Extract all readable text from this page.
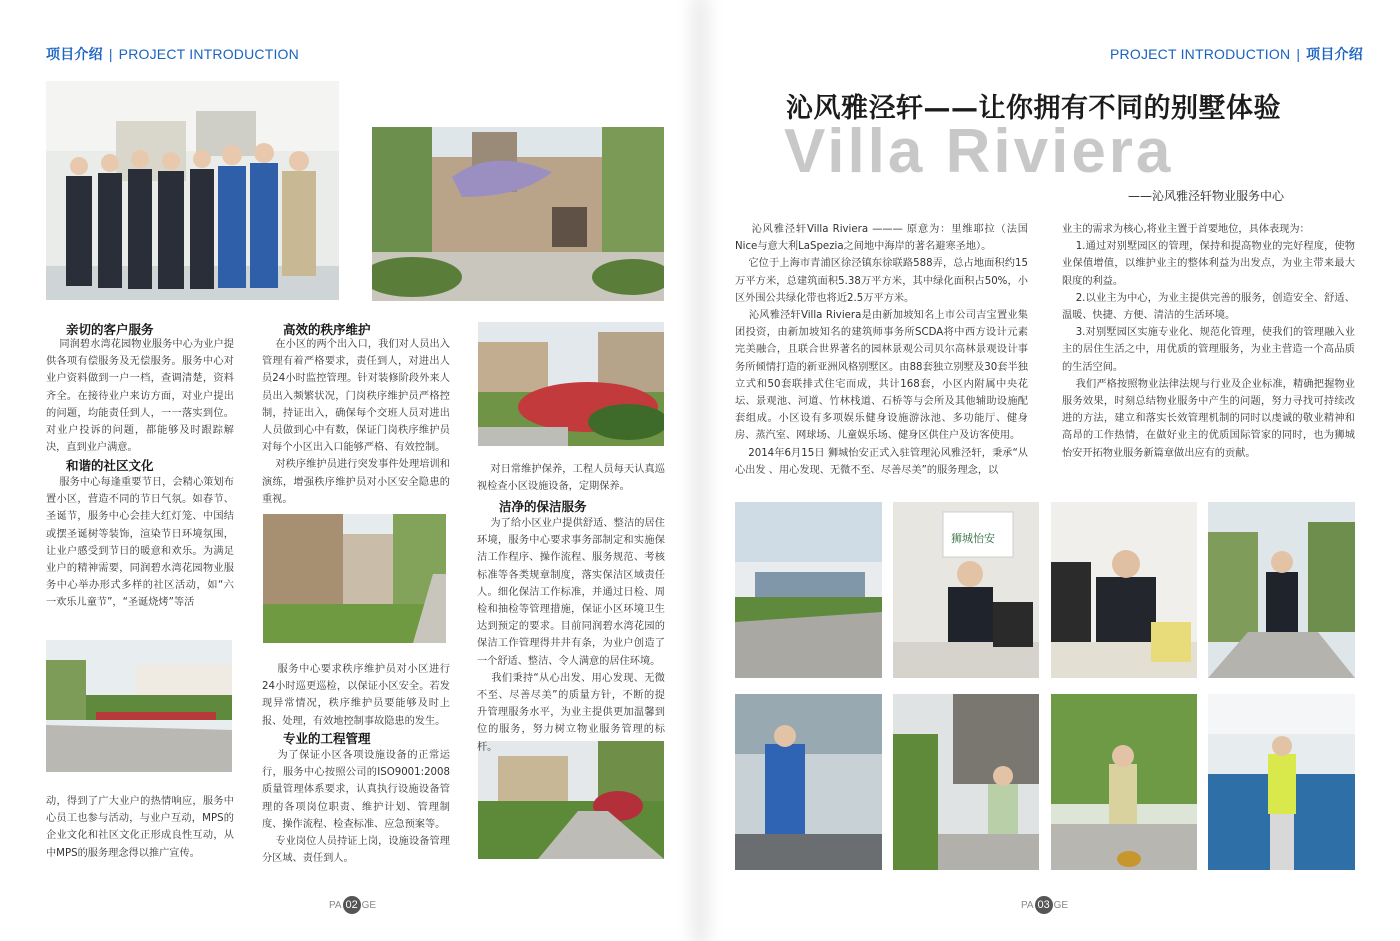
项目介绍 | PROJECT INTRODUCTION	PROJECT INTRODUCTION | 项目介绍
亲切的客户服务
同润碧水湾花园物业服务中心为业户提供各项有偿服务及无偿服务。服务中心对业户资料做到一户一档，查调清楚，资料齐全。在接待业户来访方面，对业户提出的问题，均能责任到人，一一落实到位。对业户投诉的问题，都能够及时跟踪解决，直到业户满意。
和谐的社区文化
服务中心每逢重要节日，会精心策划布置小区，营造不同的节日气氛。如春节、圣诞节，服务中心会挂大红灯笼、中国结或摆圣诞树等装饰，渲染节日环境氛围，让业户感受到节日的暖意和欢乐。为满足业户的精神需要，同润碧水湾花园物业服务中心举办形式多样的社区活动，如“六一欢乐儿童节”，“圣诞烧烤”等活
动，得到了广大业户的热情响应，服务中心员工也参与活动，与业户互动，MPS的企业文化和社区文化正形成良性互动，从中MPS的服务理念得以推广宣传。
高效的秩序维护
在小区的两个出入口，我们对人员出入管理有着严格要求，责任到人，对进出人员24小时监控管理。针对装修阶段外来人员出入频繁状况，门岗秩序维护员严格控制，持证出入，确保每个交班人员对进出人员做到心中有数，保证门岗秩序维护员对每个小区出入口能够严格、有效控制。
对秩序维护员进行突发事件处理培训和演练，增强秩序维护员对小区安全隐患的重视。
服务中心要求秩序维护员对小区进行24小时巡更巡检，以保证小区安全。若发现异常情况，秩序维护员要能够及时上报、处理，有效地控制事故隐患的发生。
专业的工程管理
为了保证小区各项设施设备的正常运行，服务中心按照公司的ISO9001:2008质量管理体系要求，认真执行设施设备管理的各项岗位职责、维护计划、管理制度、操作流程、检查标准、应急预案等。
专业岗位人员持证上岗，设施设备管理分区域、责任到人。
对日常维护保养，工程人员每天认真巡视检查小区设施设备，定期保养。
洁净的保洁服务
为了给小区业户提供舒适、整洁的居住环境，服务中心要求事务部制定和实施保洁工作程序、操作流程、服务规范、考核标准等各类规章制度，落实保洁区域责任人。细化保洁工作标准，并通过日检、周检和抽检等管理措施，保证小区环境卫生达到预定的要求。目前同润碧水湾花园的保洁工作管理得井井有条，为业户创造了一个舒适、整洁、令人满意的居住环境。
我们秉持“从心出发、用心发现、无微不至、尽善尽美”的质量方针，不断的提升管理服务水平，为业主提供更加温馨到位的服务，努力树立物业服务管理的标杆。
PA 02 GE
沁风雅泾轩——让你拥有不同的别墅体验
Villa Riviera
——沁风雅泾轩物业服务中心
沁风雅泾轩Villa Riviera ——— 原意为：里维耶拉（法国Nice与意大利LaSpezia之间地中海岸的著名避寒圣地）。
它位于上海市青浦区徐泾镇东徐联路588弄，总占地面积约15万平方米，总建筑面积5.38万平方米，其中绿化面积占50%，小区外围公共绿化带也将近2.5万平方米。
沁风雅泾轩Villa Riviera是由新加坡知名上市公司吉宝置业集团投资，由新加坡知名的建筑师事务所SCDA将中西方设计元素完美融合，且联合世界著名的园林景观公司贝尔高林景观设计事务所倾情打造的新亚洲风格别墅区。由88套独立别墅及30套半独立式和50套联排式住宅而成，共计168套，小区内附属中央花坛、景观池、河道、竹林栈道、石桥等与会所及其他辅助设施配套组成。小区设有多项娱乐健身设施游泳池、多功能厅、健身房、蒸汽室、网球场、儿童娱乐场、健身区供住户及访客使用。
2014年6月15日 狮城怡安正式入驻管理沁风雅泾轩，秉承“从心出发 、用心发现、无微不至、尽善尽美”的服务理念，以
业主的需求为核心,将业主置于首要地位，具体表现为：
1.通过对别墅园区的管理，保持和提高物业的完好程度，使物业保值增值，以维护业主的整体利益为出发点，为业主带来最大限度的利益。
2.以业主为中心，为业主提供完善的服务，创造安全、舒适、温暖、快捷、方便、清洁的生活环境。
3.对别墅园区实施专业化、规范化管理，使我们的管理融入业主的居住生活之中，用优质的管理服务，为业主营造一个高品质的生活空间。
我们严格按照物业法律法规与行业及企业标准，精确把握物业服务效果，时刻总结物业服务中产生的问题，努力寻找可持续改进的方法，建立和落实长效管理机制的同时以虔诚的敬业精神和高昂的工作热情，在做好业主的优质国际管家的同时，也为狮城怡安开拓物业服务新篇章做出应有的贡献。
狮城怡安
PA 03 GE
